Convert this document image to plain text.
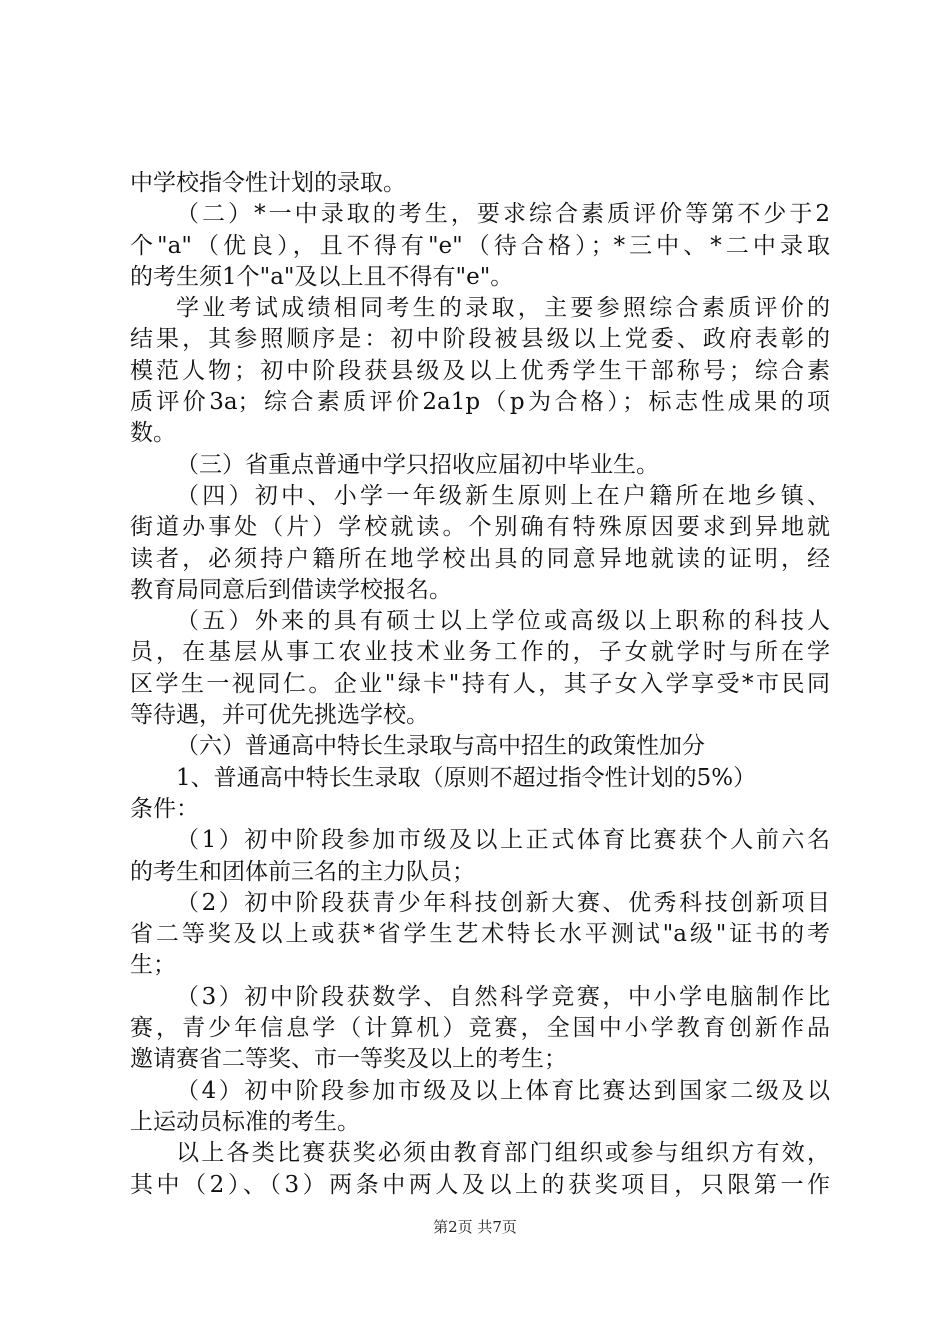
中学校指令性计划的录取。
（二）*一中录取的考生，要求综合素质评价等第不少于2
个"a"（优良），且不得有"e"（待合格）；*三中、*二中录取
的考生须1个"a"及以上且不得有"e"。
学业考试成绩相同考生的录取，主要参照综合素质评价的
结果，其参照顺序是：初中阶段被县级以上党委、政府表彰的
模范人物；初中阶段获县级及以上优秀学生干部称号；综合素
质评价3a；综合素质评价2a1p（p为合格）；标志性成果的项
数。
（三）省重点普通中学只招收应届初中毕业生。
（四）初中、小学一年级新生原则上在户籍所在地乡镇、
街道办事处（片）学校就读。个别确有特殊原因要求到异地就
读者，必须持户籍所在地学校出具的同意异地就读的证明，经
教育局同意后到借读学校报名。
（五）外来的具有硕士以上学位或高级以上职称的科技人
员，在基层从事工农业技术业务工作的，子女就学时与所在学
区学生一视同仁。企业"绿卡"持有人，其子女入学享受*市民同
等待遇，并可优先挑选学校。
（六）普通高中特长生录取与高中招生的政策性加分
1、普通高中特长生录取（原则不超过指令性计划的5%）
条件：
（1）初中阶段参加市级及以上正式体育比赛获个人前六名
的考生和团体前三名的主力队员；
（2）初中阶段获青少年科技创新大赛、优秀科技创新项目
省二等奖及以上或获*省学生艺术特长水平测试"a级"证书的考
生；
（3）初中阶段获数学、自然科学竞赛，中小学电脑制作比
赛，青少年信息学（计算机）竞赛，全国中小学教育创新作品
邀请赛省二等奖、市一等奖及以上的考生；
（4）初中阶段参加市级及以上体育比赛达到国家二级及以
上运动员标准的考生。
以上各类比赛获奖必须由教育部门组织或参与组织方有效，
其中（2）、（3）两条中两人及以上的获奖项目，只限第一作
第2页 共7页
